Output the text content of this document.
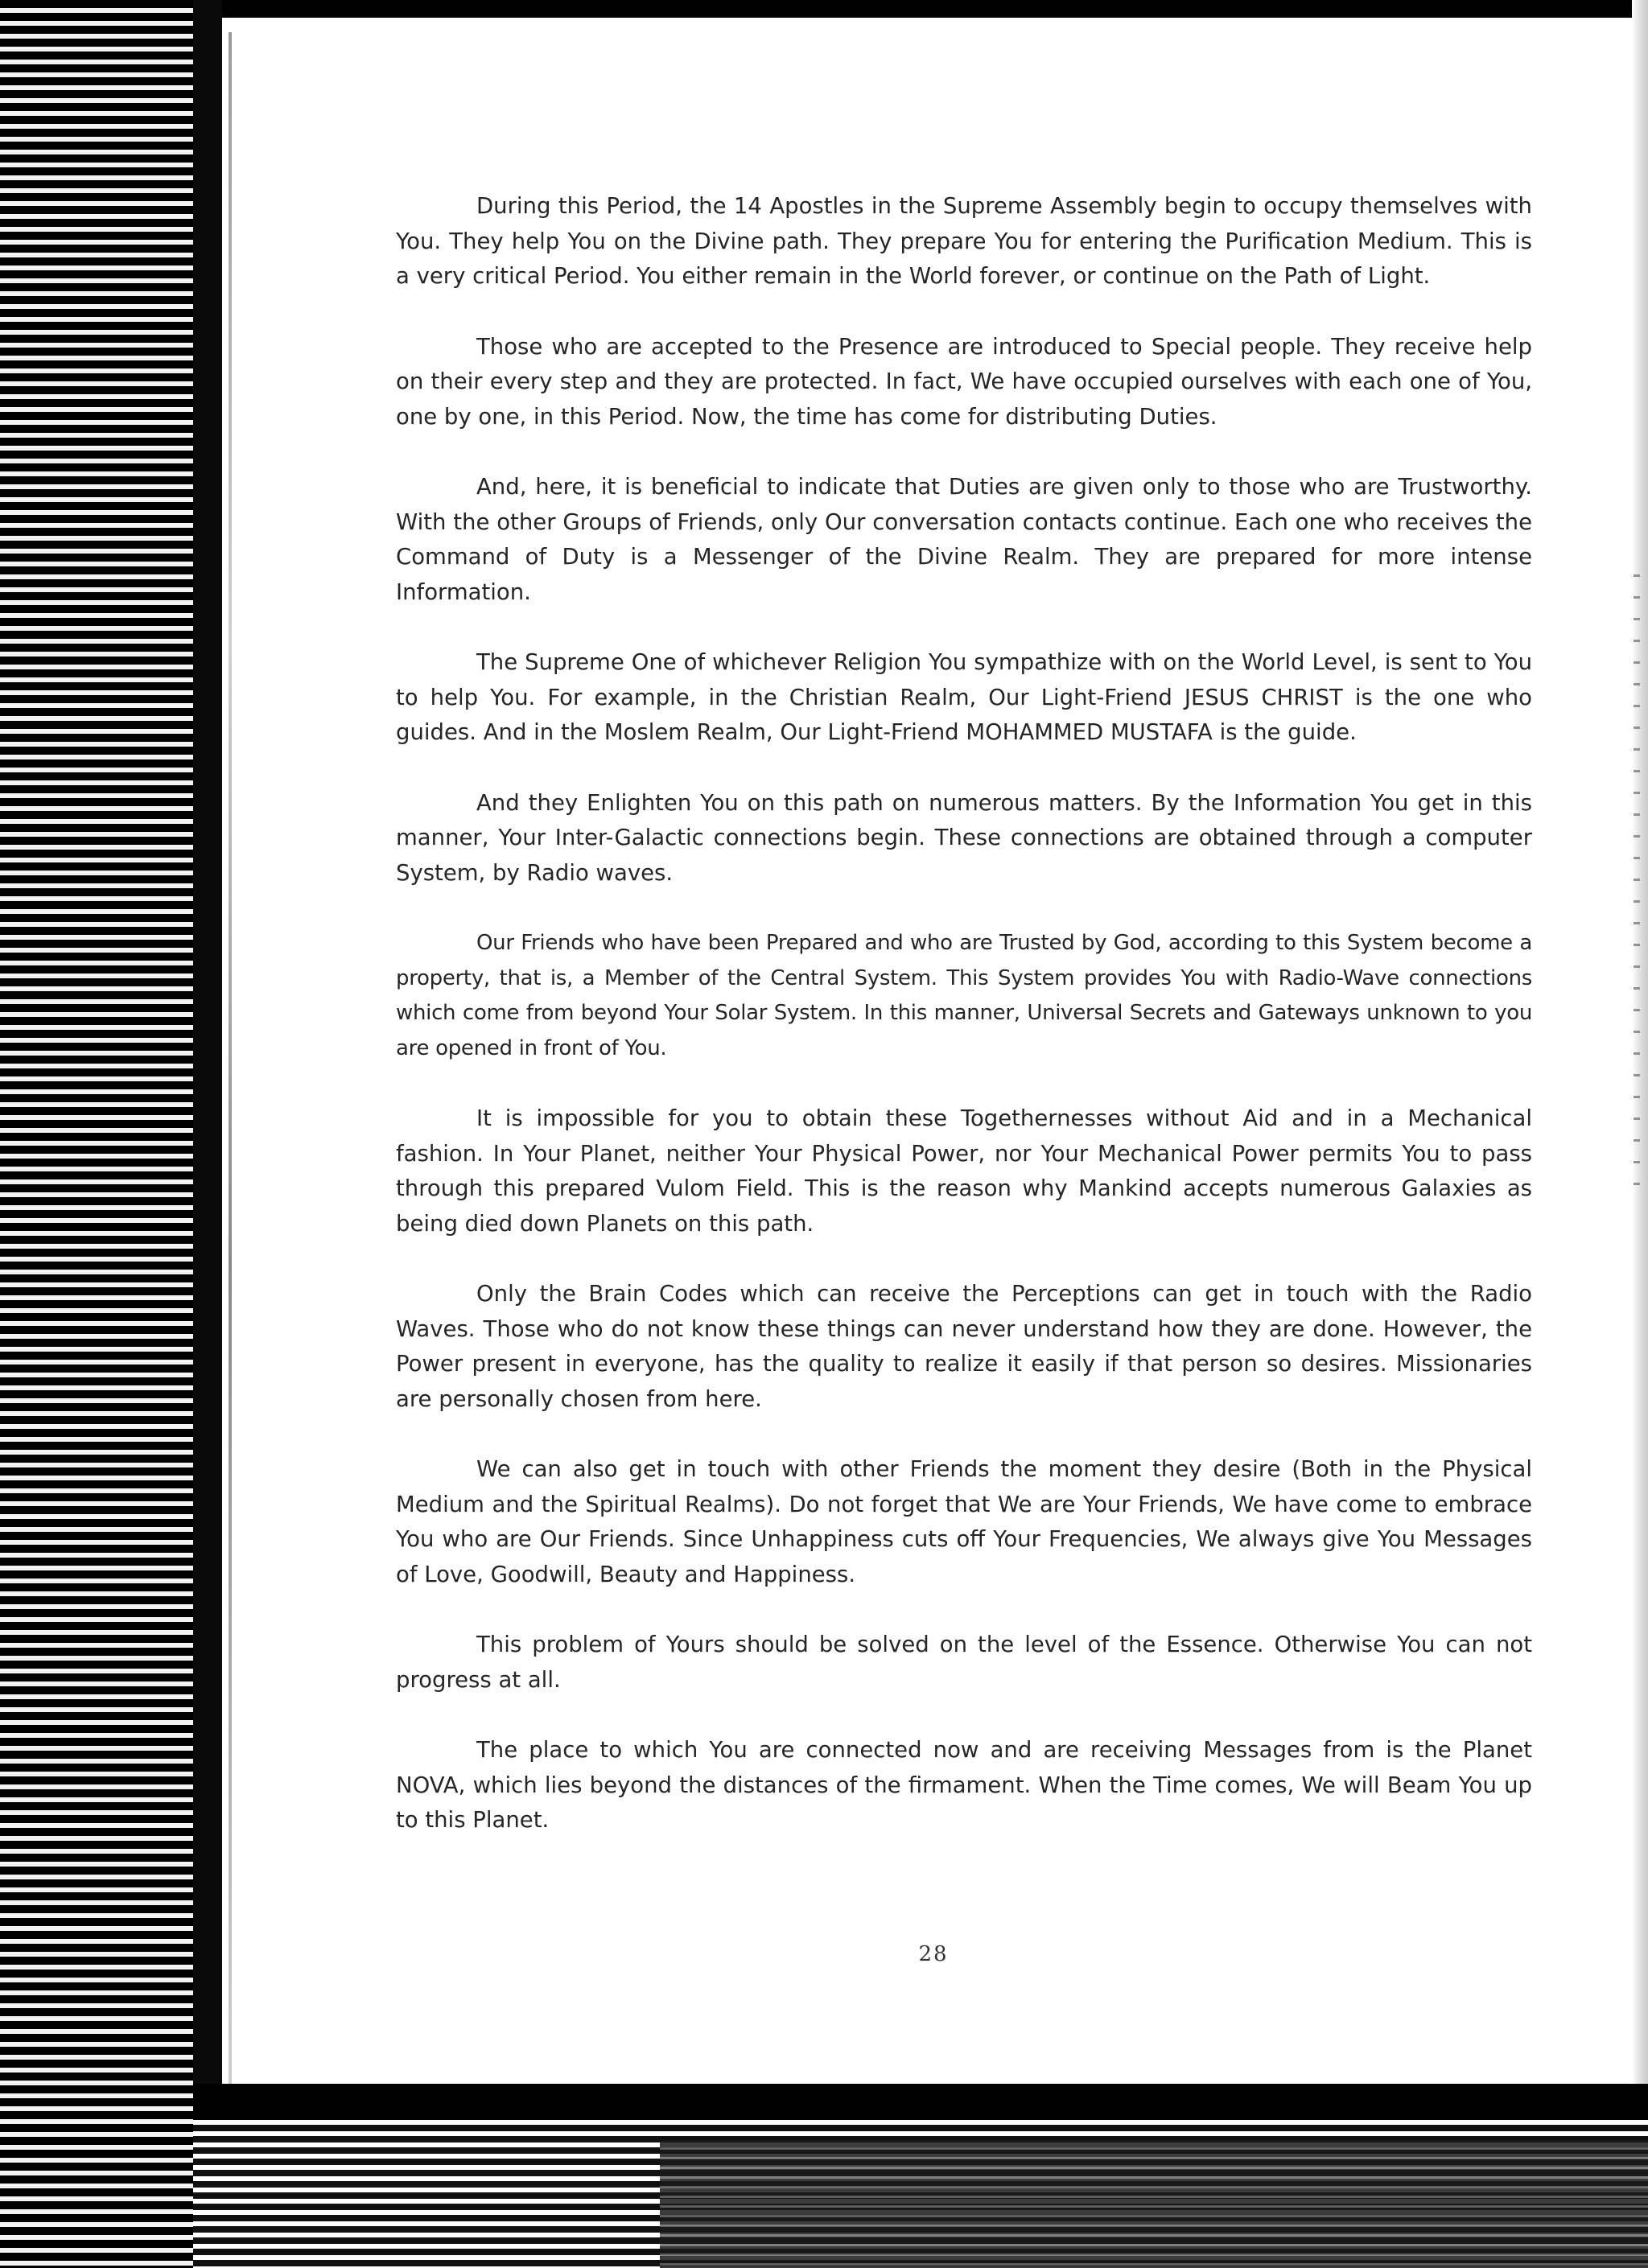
During this Period, the 14 Apostles in the Supreme Assembly begin to occupy themselves with You. They help You on the Divine path. They prepare You for entering the Purification Medium. This is a very critical Period. You either remain in the World forever, or continue on the Path of Light.

Those who are accepted to the Presence are introduced to Special people. They receive help on their every step and they are protected. In fact, We have occupied ourselves with each one of You, one by one, in this Period. Now, the time has come for distributing Duties.

And, here, it is beneficial to indicate that Duties are given only to those who are Trustworthy. With the other Groups of Friends, only Our conversation contacts continue. Each one who receives the Command of Duty is a Messenger of the Divine Realm. They are prepared for more intense Information.

The Supreme One of whichever Religion You sympathize with on the World Level, is sent to You to help You. For example, in the Christian Realm, Our Light-Friend JESUS CHRIST is the one who guides. And in the Moslem Realm, Our Light-Friend MOHAMMED MUSTAFA is the guide.

And they Enlighten You on this path on numerous matters. By the Information You get in this manner, Your Inter-Galactic connections begin. These connections are obtained through a computer System, by Radio waves.

Our Friends who have been Prepared and who are Trusted by God, according to this System become a property, that is, a Member of the Central System. This System provides You with Radio-Wave connections which come from beyond Your Solar System. In this manner, Universal Secrets and Gateways unknown to you are opened in front of You.

It is impossible for you to obtain these Togethernesses without Aid and in a Mechanical fashion. In Your Planet, neither Your Physical Power, nor Your Mechanical Power permits You to pass through this prepared Vulom Field. This is the reason why Mankind accepts numerous Galaxies as being died down Planets on this path.

Only the Brain Codes which can receive the Perceptions can get in touch with the Radio Waves. Those who do not know these things can never understand how they are done. However, the Power present in everyone, has the quality to realize it easily if that person so desires. Missionaries are personally chosen from here.

We can also get in touch with other Friends the moment they desire (Both in the Physical Medium and the Spiritual Realms). Do not forget that We are Your Friends, We have come to embrace You who are Our Friends. Since Unhappiness cuts off Your Frequencies, We always give You Messages of Love, Goodwill, Beauty and Happiness.

This problem of Yours should be solved on the level of the Essence. Otherwise You can not progress at all.

The place to which You are connected now and are receiving Messages from is the Planet NOVA, which lies beyond the distances of the firmament. When the Time comes, We will Beam You up to this Planet.

28
